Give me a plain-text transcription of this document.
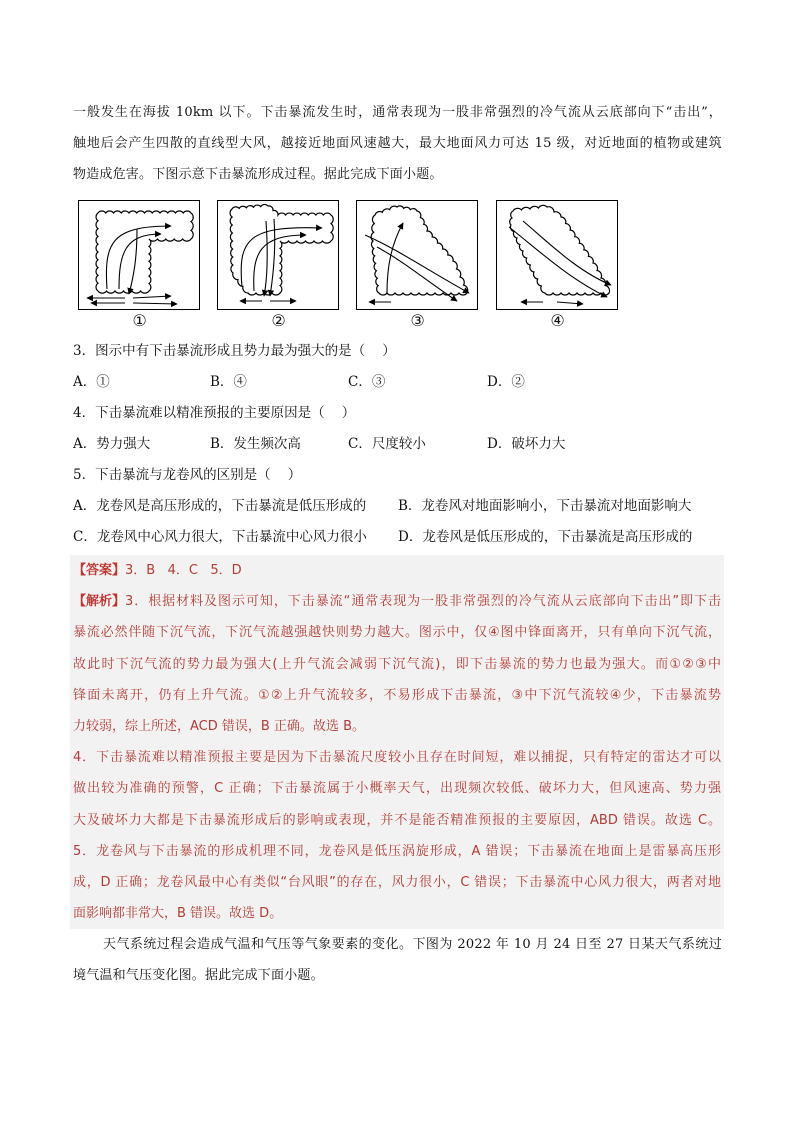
一般发生在海拔 10km 以下。下击暴流发生时，通常表现为一股非常强烈的冷气流从云底部向下“击出”，
触地后会产生四散的直线型大风，越接近地面风速越大，最大地面风力可达 15 级，对近地面的植物或建筑
物造成危害。下图示意下击暴流形成过程。据此完成下面小题。
①	②	③	④
3．图示中有下击暴流形成且势力最为强大的是（    ）
A．①	B．④	C．③	D．②
4．下击暴流难以精准预报的主要原因是（    ）
A．势力强大	B．发生频次高	C．尺度较小	D．破坏力大
5．下击暴流与龙卷风的区别是（    ）
A．龙卷风是高压形成的，下击暴流是低压形成的	B．龙卷风对地面影响小，下击暴流对地面影响大
C．龙卷风中心风力很大，下击暴流中心风力很小	D．龙卷风是低压形成的，下击暴流是高压形成的
【答案】3．B   4．C   5．D
【解析】 3．根据材料及图示可知，下击暴流“通常表现为一股非常强烈的冷气流从云底部向下击出”即下击
暴流必然伴随下沉气流，下沉气流越强越快则势力越大。图示中，仅④图中锋面离开，只有单向下沉气流，
故此时下沉气流的势力最为强大(上升气流会减弱下沉气流)，即下击暴流的势力也最为强大。而①②③中
锋面未离开，仍有上升气流。①②上升气流较多，不易形成下击暴流，③中下沉气流较④少，下击暴流势
力较弱，综上所述，ACD 错误，B 正确。故选 B。
4．下击暴流难以精准预报主要是因为下击暴流尺度较小且存在时间短，难以捕捉，只有特定的雷达才可以
做出较为准确的预警，C 正确；下击暴流属于小概率天气，出现频次较低、破坏力大，但风速高、势力强
大及破坏力大都是下击暴流形成后的影响或表现，并不是能否精准预报的主要原因，ABD 错误。故选 C。
5．龙卷风与下击暴流的形成机理不同，龙卷风是低压涡旋形成，A 错误；下击暴流在地面上是雷暴高压形
成，D 正确；龙卷风最中心有类似“台风眼”的存在，风力很小，C 错误；下击暴流中心风力很大，两者对地
面影响都非常大，B 错误。故选 D。
天气系统过程会造成气温和气压等气象要素的变化。下图为 2022 年 10 月 24 日至 27 日某天气系统过
境气温和气压变化图。据此完成下面小题。
